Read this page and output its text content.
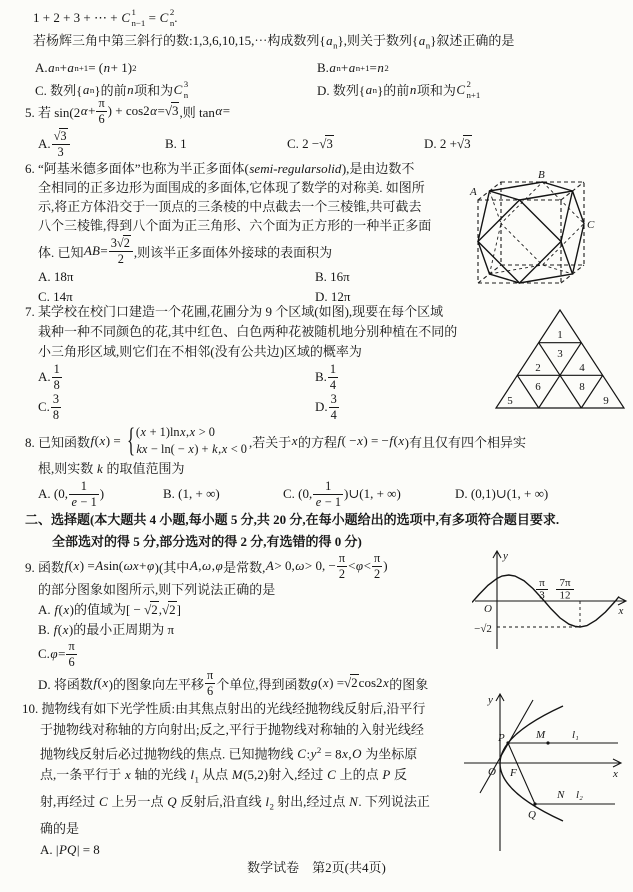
1 + 2 + 3 + ⋯ + C 1
n−1 = C 2
n .
若杨辉三角中第三斜行的数:1,3,6,10,15,⋯构成数列$\{a_n\}$,则关于数列$\{a_n\}$叙述正确的是
A. a n + a n+1 = ( n + 1) 2	B. a n + a n+1 = n 2
C. 数列{ a n }的前 n 项和为 C 3
n	D. 数列{ a n }的前 n 项和为 C 2
n+1
5. 若 sin(2 $\alpha + \frac{\pi}{6}$ ) + cos2 α = √3 ,则 tan α =
A. $\frac{√3}{3}$	B. 1	C. 2 − √3	D. 2 + √3
6. “阿基米德多面体”也称为半正多面体(semi-regularsolid),是由边数不
全相同的正多边形为面围成的多面体,它体现了数学的对称美. 如图所
示,将正方体沿交于一顶点的三条棱的中点截去一个三棱锥,共可截去
八个三棱锥,得到八个面为正三角形、六个面为正方形的一种半正多面
体. 已知 AB = $\frac{3√2}{2}$ ,则该半正多面体外接球的表面积为
A. 18π	B. 16π
C. 14π	D. 12π
A
B
C
7. 某学校在校门口建造一个花圃,花圃分为 9 个区域(如图),现要在每个区域
栽种一种不同颜色的花,其中红色、白色两种花被随机地分别种植在不同的
小三角形区域,则它们在不相邻(没有公共边)区域的概率为
A. $\frac{1}{8}$	B. $\frac{1}{4}$
C. $\frac{3}{8}$	D. $\frac{3}{4}$
1
2
3
4
5
6	8
9
8. 已知函数 f ( x ) = { (x + 1)lnx,x > 0
kx − ln( − x) + k,x < 0 ,若关于 x 的方程 f ( − x ) = − f ( x )有且仅有四个相异实
根,则实数 k 的取值范围为
A. (0, $\frac{1}{e - 1}$ )	B. (1, + ∞)	C. (0, $\frac{1}{e - 1}$ )∪(1, + ∞)	D. (0,1)∪(1, + ∞)
二、选择题(本大题共 4 小题,每小题 5 分,共 20 分,在每小题给出的选项中,有多项符合题目要求.
全部选对的得 5 分,部分选对的得 2 分,有选错的得 0 分)
9. 函数 f ( x ) = A sin( ωx + φ )(其中 A , ω , φ 是常数, A > 0, ω > 0, − $\frac{\pi}{2} < \varphi < \frac{\pi}{2}$ )
的部分图象如图所示,则下列说法正确的是
A. f(x)的值域为[ − √2,√2]
B. f(x)的最小正周期为 π
C. $\varphi = \frac{\pi}{6}$
D. 将函数 f ( x )的图象向左平移 $\frac{\pi}{6}$ 个单位,得到函数 g ( x ) = √2 cos2 x 的图象
y
x
O
π
3
7π
12
−√2
10. 抛物线有如下光学性质:由其焦点射出的光线经抛物线反射后,沿平行
于抛物线对称轴的方向射出;反之,平行于抛物线对称轴的入射光线经
抛物线反射后必过抛物线的焦点. 已知抛物线 $C:y^2 = 8x,O$ 为坐标原
点,一条平行于 x 轴的光线 $l_1$ 从点 M(5,2)射入,经过 C 上的点 P 反
射,再经过 C 上另一点 Q 反射后,沿直线 $l_2$ 射出,经过点 N. 下列说法正
确的是
A. |PQ| = 8
y
x
O F
P	M l₁
Q
N l₂
数学试卷　第2页(共4页)
